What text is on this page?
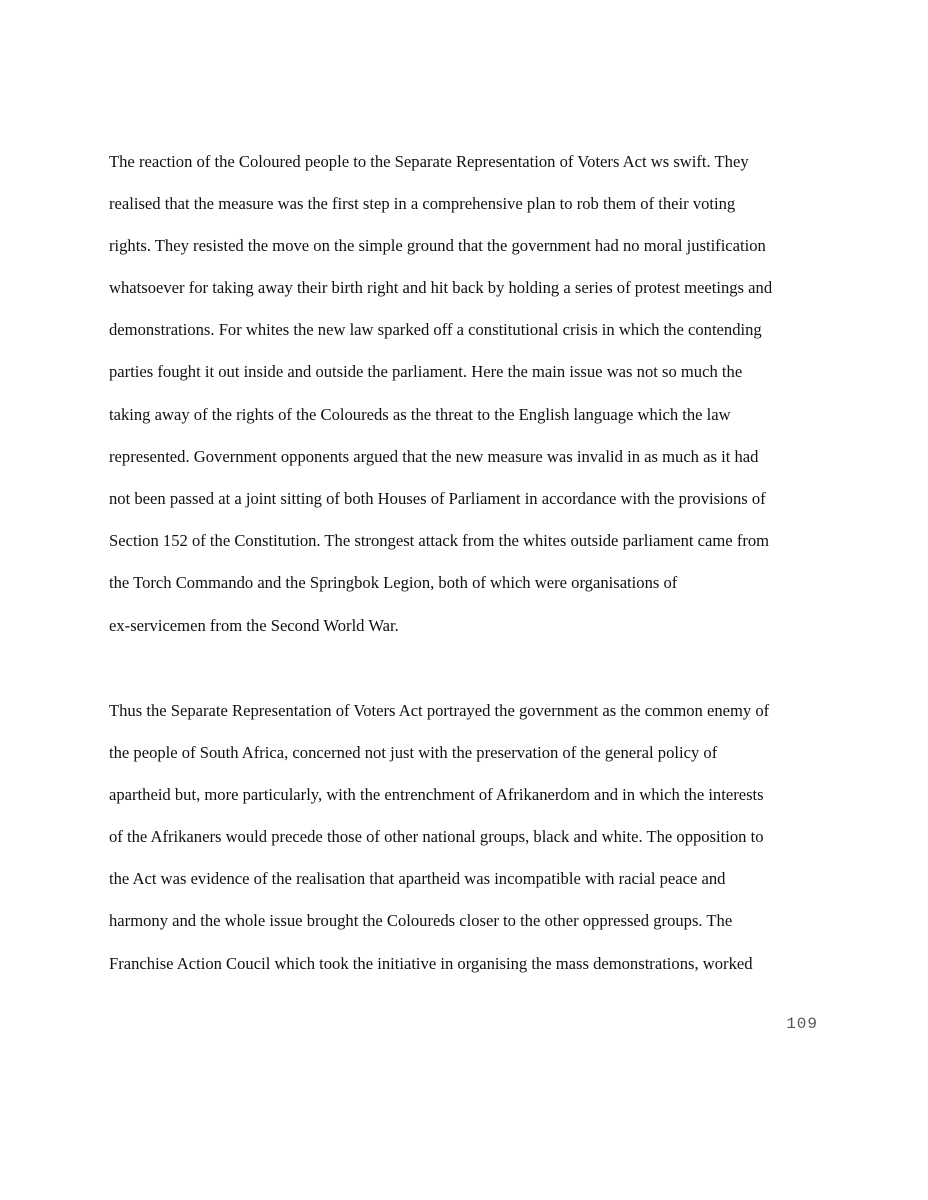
The reaction of the Coloured people to the Separate Representation of Voters Act ws swift. They
realised that the measure was the first step in a comprehensive plan to rob them of their voting
rights. They resisted the move on the simple ground that the government had no moral justification
whatsoever for taking away their birth right and hit back by holding a series of protest meetings and
demonstrations. For whites the new law sparked off a constitutional crisis in which the contending
parties fought it out inside and outside the parliament. Here the main issue was not so much the
taking away of the rights of the Coloureds as the threat to the English language which the law
represented. Government opponents argued that the new measure was invalid in as much as it had
not been passed at a joint sitting of both Houses of Parliament in accordance with the provisions of
Section 152 of the Constitution. The strongest attack from the whites outside parliament came from
the Torch Commando and the Springbok Legion, both of which were organisations of
ex-servicemen from the Second World War.
Thus the Separate Representation of Voters Act portrayed the government as the common enemy of
the people of South Africa, concerned not just with the preservation of the general policy of
apartheid but, more particularly, with the entrenchment of Afrikanerdom and in which the interests
of the Afrikaners would precede those of other national groups, black and white. The opposition to
the Act was evidence of the realisation that apartheid was incompatible with racial peace and
harmony and the whole issue brought the Coloureds closer to the other oppressed groups. The
Franchise Action Coucil which took the initiative in organising the mass demonstrations, worked
109
